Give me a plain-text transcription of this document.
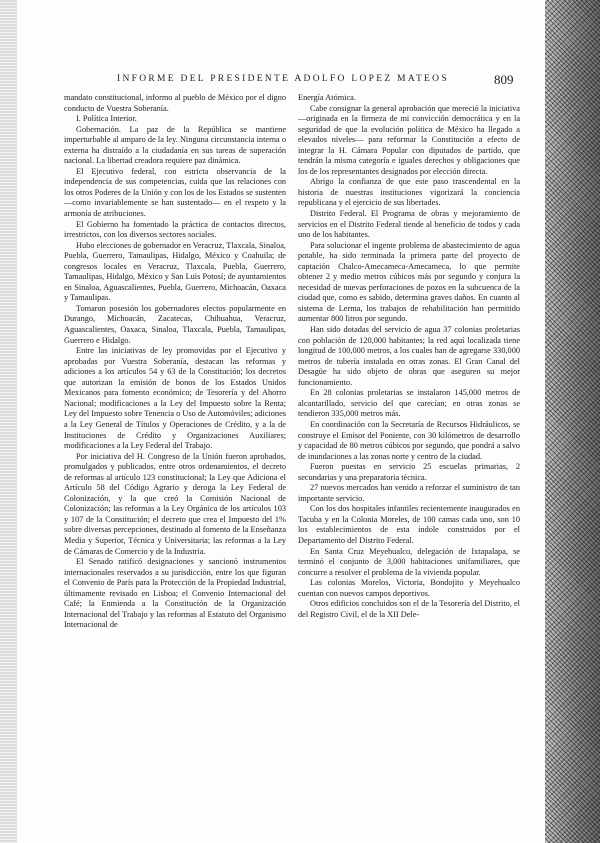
INFORME DEL PRESIDENTE ADOLFO LOPEZ MATEOS	809

mandato constitucional, informo al pueblo de México por el digno conducto de Vuestra Soberanía.

I. Política Interior.

Gobernación. La paz de la República se mantiene imperturbable al amparo de la ley. Ninguna circunstancia interna o externa ha distraído a la ciudadanía en sus tareas de superación nacional. La libertad creadora requiere paz dinámica.

El Ejecutivo federal, con estricta observancia de la independencia de sus competencias, cuida que las relaciones con los otros Poderes de la Unión y con los de los Estados se sustenten —como invariablemente se han sustentado— en el respeto y la armonía de atribuciones.

El Gobierno ha fomentado la práctica de contactos directos, irrestrictos, con los diversos sectores sociales.

Hubo elecciones de gobernador en Veracruz, Tlaxcala, Sinaloa, Puebla, Guerrero, Tamaulipas, Hidalgo, México y Coahuila; de congresos locales en Veracruz, Tlaxcala, Puebla, Guerrero, Tamaulipas, Hidalgo, México y San Luis Potosí; de ayuntamientos en Sinaloa, Aguascalientes, Puebla, Guerrero, Michoacán, Oaxaca y Tamaulipas.

Tomaron posesión los gobernadores electos popularmente en Durango, Michoacán, Zacatecas, Chihuahua, Veracruz, Aguascalientes, Oaxaca, Sinaloa, Tlaxcala, Puebla, Tamaulipas, Guerrero e Hidalgo.

Entre las iniciativas de ley promovidas por el Ejecutivo y aprobadas por Vuestra Soberanía, destacan las reformas y adiciones a los artículos 54 y 63 de la Constitución; los decretos que autorizan la emisión de bonos de los Estados Unidos Mexicanos para fomento económico; de Tesorería y del Ahorro Nacional; modificaciones a la Ley del Impuesto sobre la Renta; Ley del Impuesto sobre Tenencia o Uso de Automóviles; adiciones a la Ley General de Títulos y Operaciones de Crédito, y a la de Instituciones de Crédito y Organizaciones Auxiliares; modificaciones a la Ley Federal del Trabajo.

Por iniciativa del H. Congreso de la Unión fueron aprobados, promulgados y publicados, entre otros ordenamientos, el decreto de reformas al artículo 123 constitucional; la Ley que Adiciona el Artículo 58 del Código Agrario y deroga la Ley Federal de Colonización, y la que creó la Comisión Nacional de Colonización; las reformas a la Ley Orgánica de los artículos 103 y 107 de la Constitución; el decreto que crea el Impuesto del 1% sobre diversas percepciones, destinado al fomento de la Enseñanza Media y Superior, Técnica y Universitaria; las reformas a la Ley de Cámaras de Comercio y de la Industria.

El Senado ratificó designaciones y sancionó instrumentos internacionales reservados a su jurisdicción, entre los que figuran el Convenio de París para la Protección de la Propiedad Industrial, últimamente revisado en Lisboa; el Convenio Internacional del Café; la Enmienda a la Constitución de la Organización Internacional del Trabajo y las reformas al Estatuto del Organismo Internacional de

Energía Atómica.

Cabe consignar la general aprobación que mereció la iniciativa —originada en la firmeza de mi convicción democrática y en la seguridad de que la evolución política de México ha llegado a elevados niveles— para reformar la Constitución a efecto de integrar la H. Cámara Popular con diputados de partido, que tendrán la misma categoría e iguales derechos y obligaciones que los de los representantes designados por elección directa.

Abrigo la confianza de que este paso trascendental en la historia de nuestras instituciones vigorizará la conciencia republicana y el ejercicio de sus libertades.

Distrito Federal. El Programa de obras y mejoramiento de servicios en el Distrito Federal tiende al beneficio de todos y cada uno de los habitantes.

Para solucionar el ingente problema de abastecimiento de agua potable, ha sido terminada la primera parte del proyecto de captación Chalco-Amecameca-Amecameca, lo que permite obtener 2 y medio metros cúbicos más por segundo y conjura la necesidad de nuevas perforaciones de pozos en la subcuenca de la ciudad que, como es sabido, determina graves daños. En cuanto al sistema de Lerma, los trabajos de rehabilitación han permitido aumentar 800 litros por segundo.

Han sido dotadas del servicio de agua 37 colonias proletarias con población de 120,000 habitantes; la red aquí localizada tiene longitud de 100,000 metros, a los cuales han de agregarse 330,000 metros de tubería instalada en otras zonas. El Gran Canal del Desagüe ha sido objeto de obras que aseguren su mejor funcionamiento.

En 28 colonias proletarias se instalaron 145,000 metros de alcantarillado, servicio del que carecían; en otras zonas se tendieron 335,000 metros más.

En coordinación con la Secretaría de Recursos Hidráulicos, se construye el Emisor del Poniente, con 30 kilómetros de desarrollo y capacidad de 80 metros cúbicos por segundo, que pondrá a salvo de inundaciones a las zonas norte y centro de la ciudad.

Fueron puestas en servicio 25 escuelas primarias, 2 secundarias y una preparatoria técnica.

27 nuevos mercados han venido a reforzar el suministro de tan importante servicio.

Con los dos hospitales infantiles recientemente inaugurados en Tacuba y en la Colonia Moreles, de 100 camas cada uno, son 10 los establecimientos de esta índole construidos por el Departamento del Distrito Federal.

En Santa Cruz Meyehualco, delegación de Ixtapalapa, se terminó el conjunto de 3,000 habitaciones unifamiliares, que concurre a resolver el problema de la vivienda popular.

Las colonias Morelos, Victoria, Bondojito y Meyehualco cuentan con nuevos campos deportivos.

Otros edificios concluidos son el de la Tesorería del Distrito, el del Registro Civil, el de la XII Dele-
